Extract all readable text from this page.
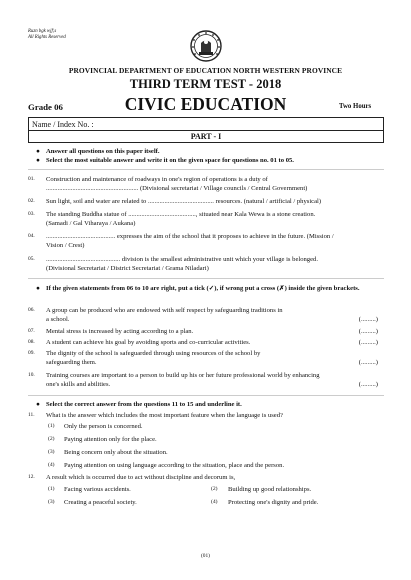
Ruzn bgk wjf;s
All Rights Reserved
PROVINCIAL DEPARTMENT OF EDUCATION NORTH WESTERN PROVINCE
THIRD TERM TEST - 2018
Grade 06	CIVIC EDUCATION	Two Hours
Name / Index No. :
PART - I
● Answer all questions on this paper itself.
● Select the most suitable answer and write it on the given space for questions no. 01 to 05.
01.	Construction and maintenance of roadways in one's region of operations is a duty of
........................................................ (Divisional secretariat / Village councils / Central Government)
02.	Sun light, soil and water are related to ........................................ resources. (natural / artificial / physical)
03.	The standing Buddha statue of ........................................., situated near Kala Wewa is a stone creation.
(Samadi / Gal Viharaya / Aukana)
04.	.......................................... expresses the aim of the school that it proposes to achieve in the future. (Mission /
Vision / Crest)
05.	............................................. division is the smallest administrative unit which your village is belonged.
(Divisional Secretariat / District Secretariat / Grama Niladari)
● If the given statements from 06 to 10 are right, put a tick (✓), if wrong put a cross (✗) inside the given brackets.
06.	A group can be produced who are endowed with self respect by safeguarding traditions in
a school.	(.........)
07.	Mental stress is increased by acting according to a plan.	(.........)
08.	A student can achieve his goal by avoiding sports and co-curricular activities.	(.........)
09.	The dignity of the school is safeguarded through using resources of the school by
safeguarding them.	(.........)
10.	Training courses are important to a person to build up his or her future professional world by enhancing
one's skills and abilities.	(.........)
● Select the correct answer from the questions 11 to 15 and underline it.
11.	What is the answer which includes the most important feature when the language is used?
(1) Only the person is concerned.
(2) Paying attention only for the place.
(3) Being concern only about the situation.
(4) Paying attention on using language according to the situation, place and the person.
12.	A result which is occurred due to act without discipline and decorum is,
(1) Facing various accidents.	(2) Building up good relationships.
(3) Creating a peaceful society.	(4) Protecting one's dignity and pride.
(01)
